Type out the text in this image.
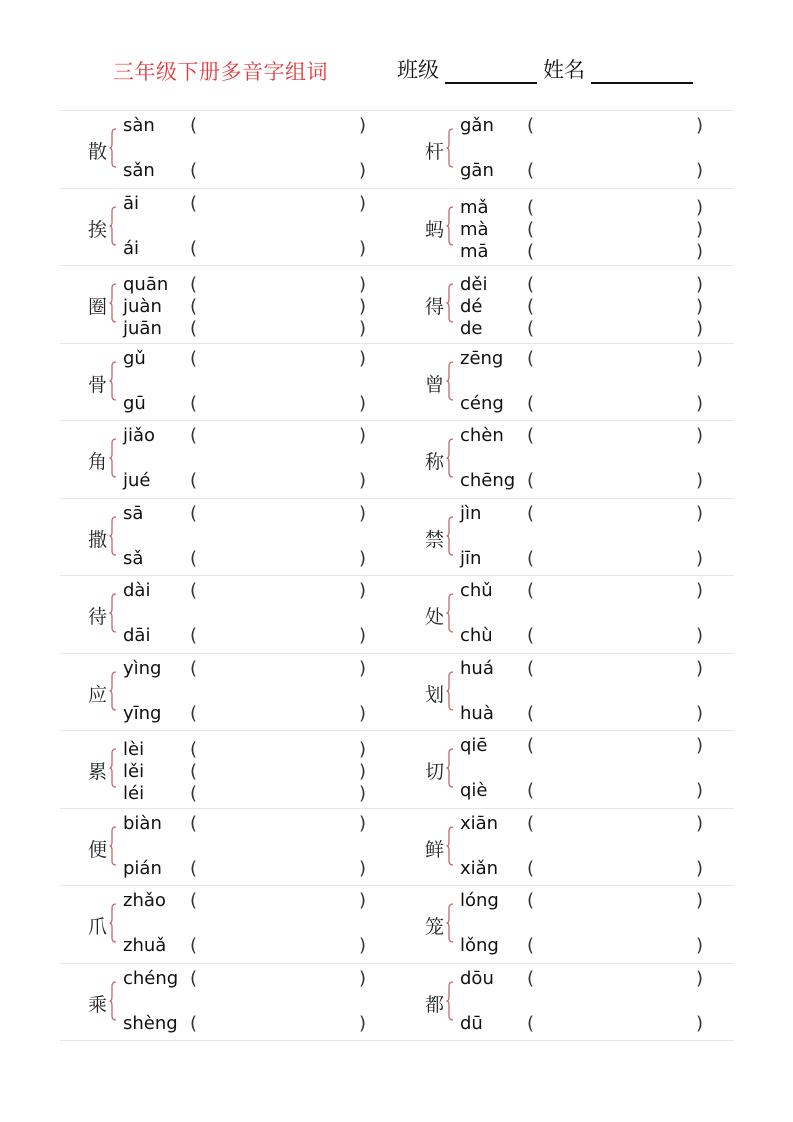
三年级下册多音字组词	班级	姓名
散
sàn (	)
sǎn (	)
杆
gǎn (	)
gān (	)
挨
āi	(	)
ái	(	)
蚂
mǎ (	)
mà (	)
mā (	)
圈
quān (	)
juàn (	)
juān (	)
得
děi (	)
dé (	)
de (	)
骨
gǔ (	)
gū (	)
曾
zēng (	)
céng (	)
角
jiǎo (	)
jué (	)
称
chèn (	)
chēng (	)
撒
sā	(	)
sǎ	(	)
禁
jìn	(	)
jīn	(	)
待
dài (	)
dāi (	)
处
chǔ (	)
chù (	)
应
yìng (	)
yīng (	)
划
huá (	)
huà (	)
累
lèi	(	)
lěi	(	)
léi	(	)
切
qiē (	)
qiè (	)
便
biàn (	)
pián (	)
鲜
xiān (	)
xiǎn (	)
爪
zhǎo (	)
zhuǎ (	)
笼
lóng (	)
lǒng (	)
乘
chéng (	)
shèng (	)
都
dōu (	)
dū (	)
